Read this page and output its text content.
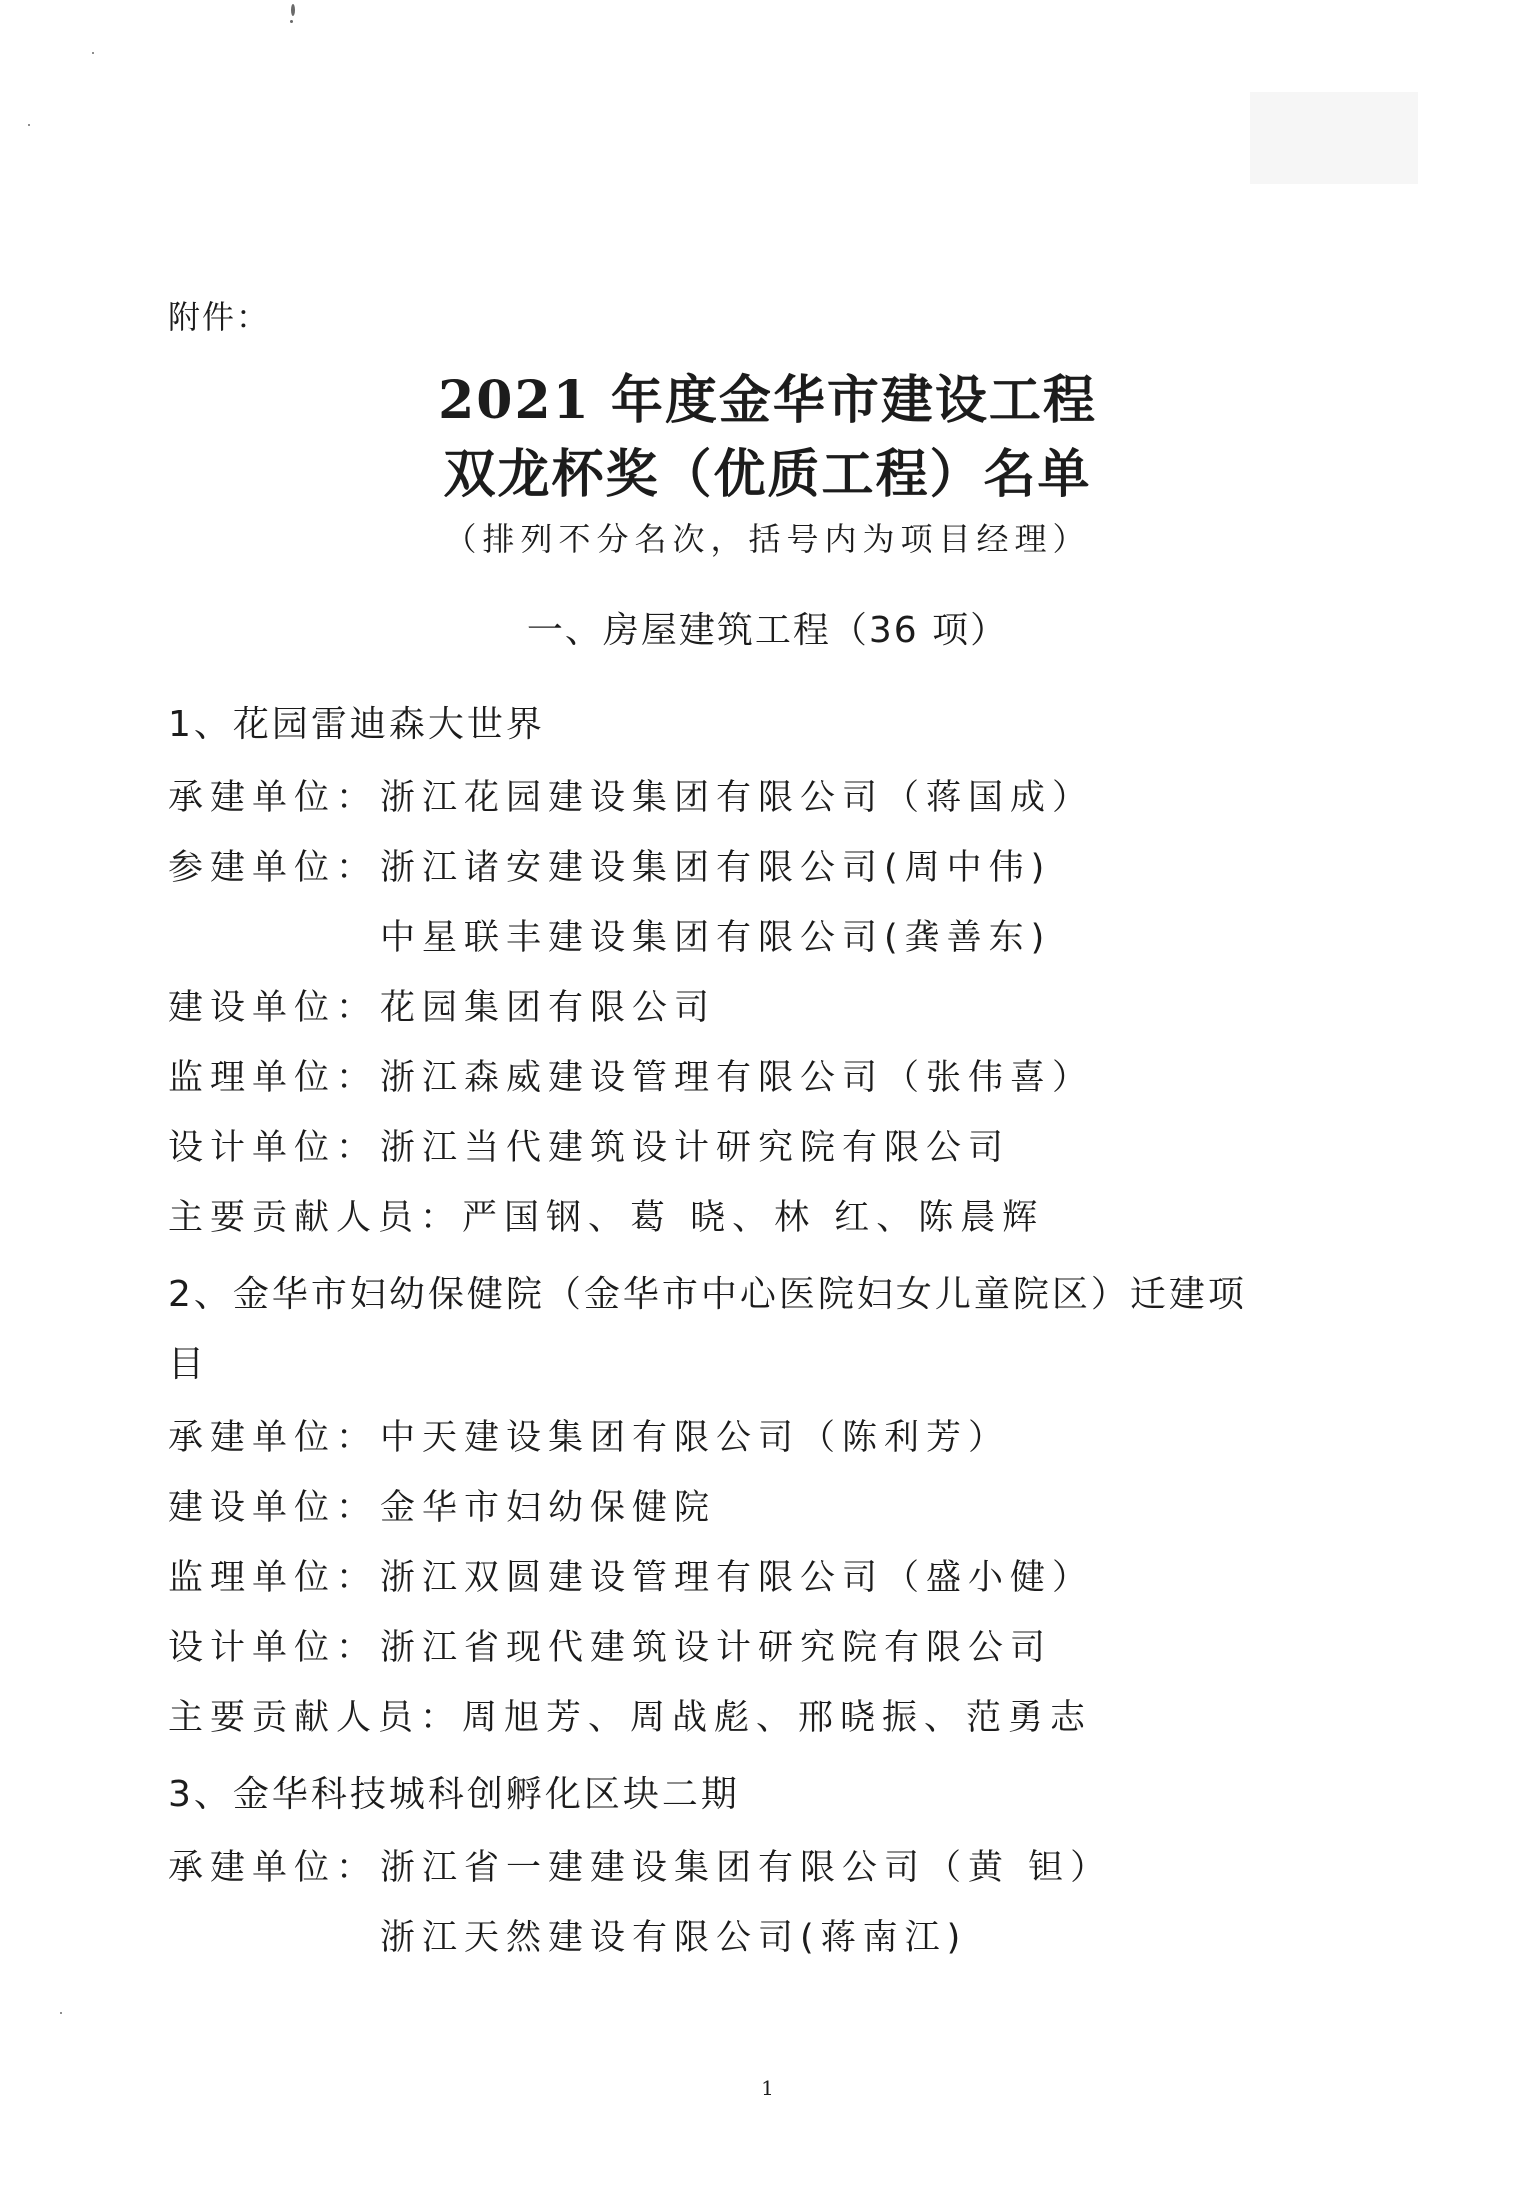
附件：
2021 年度金华市建设工程
双龙杯奖（优质工程）名单
（排列不分名次，括号内为项目经理）
一、房屋建筑工程（36 项）
1、花园雷迪森大世界
承建单位：浙江花园建设集团有限公司（蒋国成）
参建单位：浙江诸安建设集团有限公司(周中伟)
中星联丰建设集团有限公司(龚善东)
建设单位：花园集团有限公司
监理单位：浙江森威建设管理有限公司（张伟喜）
设计单位：浙江当代建筑设计研究院有限公司
主要贡献人员：严国钢、葛 晓、林 红、陈晨辉
2、金华市妇幼保健院（金华市中心医院妇女儿童院区）迁建项
目
承建单位：中天建设集团有限公司（陈利芳）
建设单位：金华市妇幼保健院
监理单位：浙江双圆建设管理有限公司（盛小健）
设计单位：浙江省现代建筑设计研究院有限公司
主要贡献人员：周旭芳、周战彪、邢晓振、范勇志
3、金华科技城科创孵化区块二期
承建单位：浙江省一建建设集团有限公司（黄 钽）
浙江天然建设有限公司(蒋南江)
1
